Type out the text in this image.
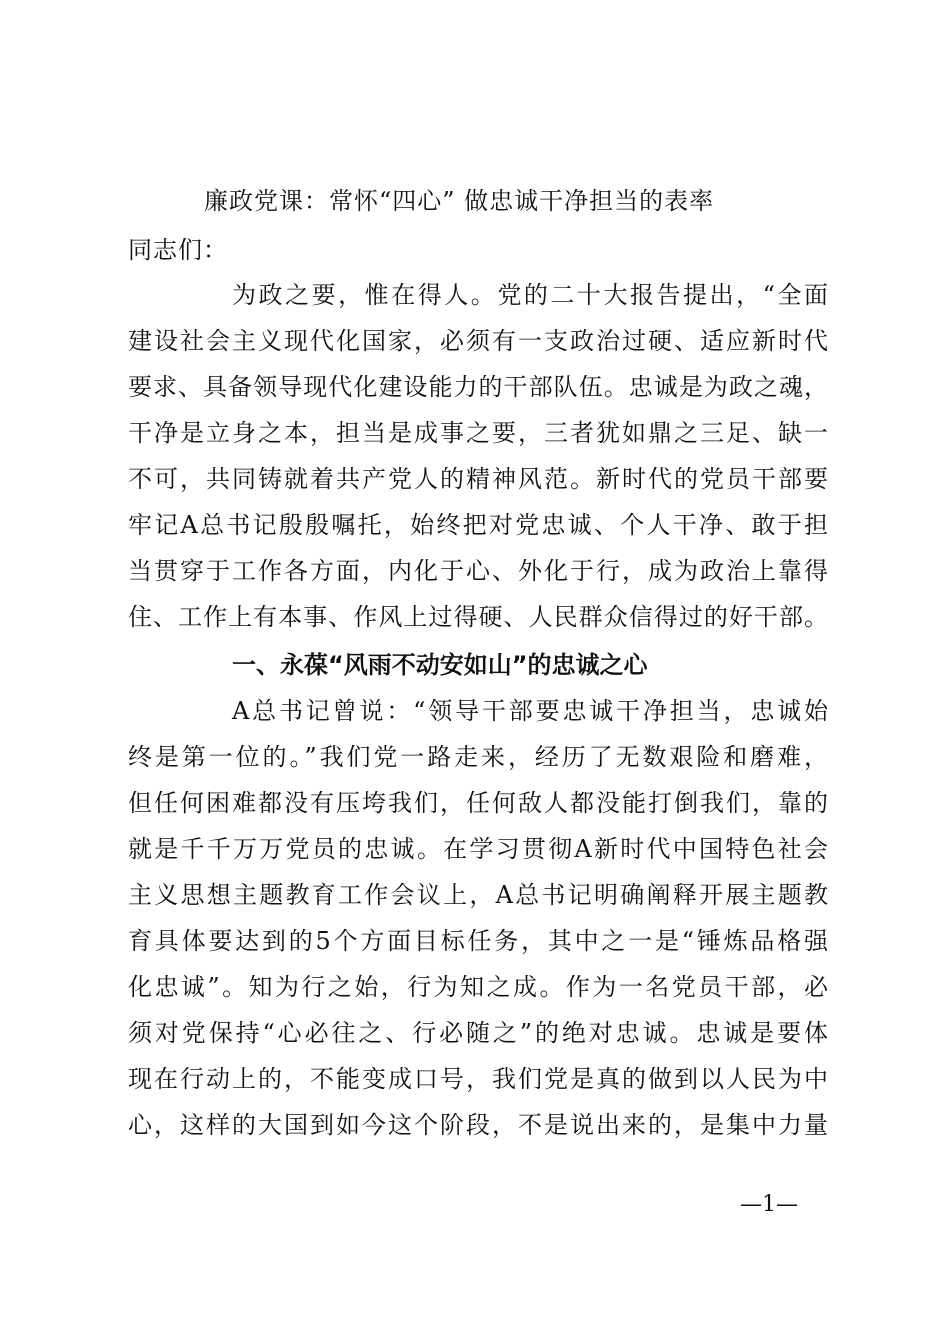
廉政党课：常怀“四心” 做忠诚干净担当的表率
同志们：
为政之要，惟在得人。党的二十大报告提出，“全面
建设社会主义现代化国家，必须有一支政治过硬、适应新时代
要求、具备领导现代化建设能力的干部队伍。忠诚是为政之魂，
干净是立身之本，担当是成事之要，三者犹如鼎之三足、缺一
不可，共同铸就着共产党人的精神风范。新时代的党员干部要
牢记A总书记殷殷嘱托，始终把对党忠诚、个人干净、敢于担
当贯穿于工作各方面，内化于心、外化于行，成为政治上靠得
住、工作上有本事、作风上过得硬、人民群众信得过的好干部。
一、永葆“风雨不动安如山”的忠诚之心
A总书记曾说：“领导干部要忠诚干净担当，忠诚始
终是第一位的。”我们党一路走来，经历了无数艰险和磨难，
但任何困难都没有压垮我们，任何敌人都没能打倒我们，靠的
就是千千万万党员的忠诚。在学习贯彻A新时代中国特色社会
主义思想主题教育工作会议上，A总书记明确阐释开展主题教
育具体要达到的5个方面目标任务，其中之一是“锤炼品格强
化忠诚”。知为行之始，行为知之成。作为一名党员干部，必
须对党保持“心必往之、行必随之”的绝对忠诚。忠诚是要体
现在行动上的，不能变成口号，我们党是真的做到以人民为中
心，这样的大国到如今这个阶段，不是说出来的，是集中力量
—1—
